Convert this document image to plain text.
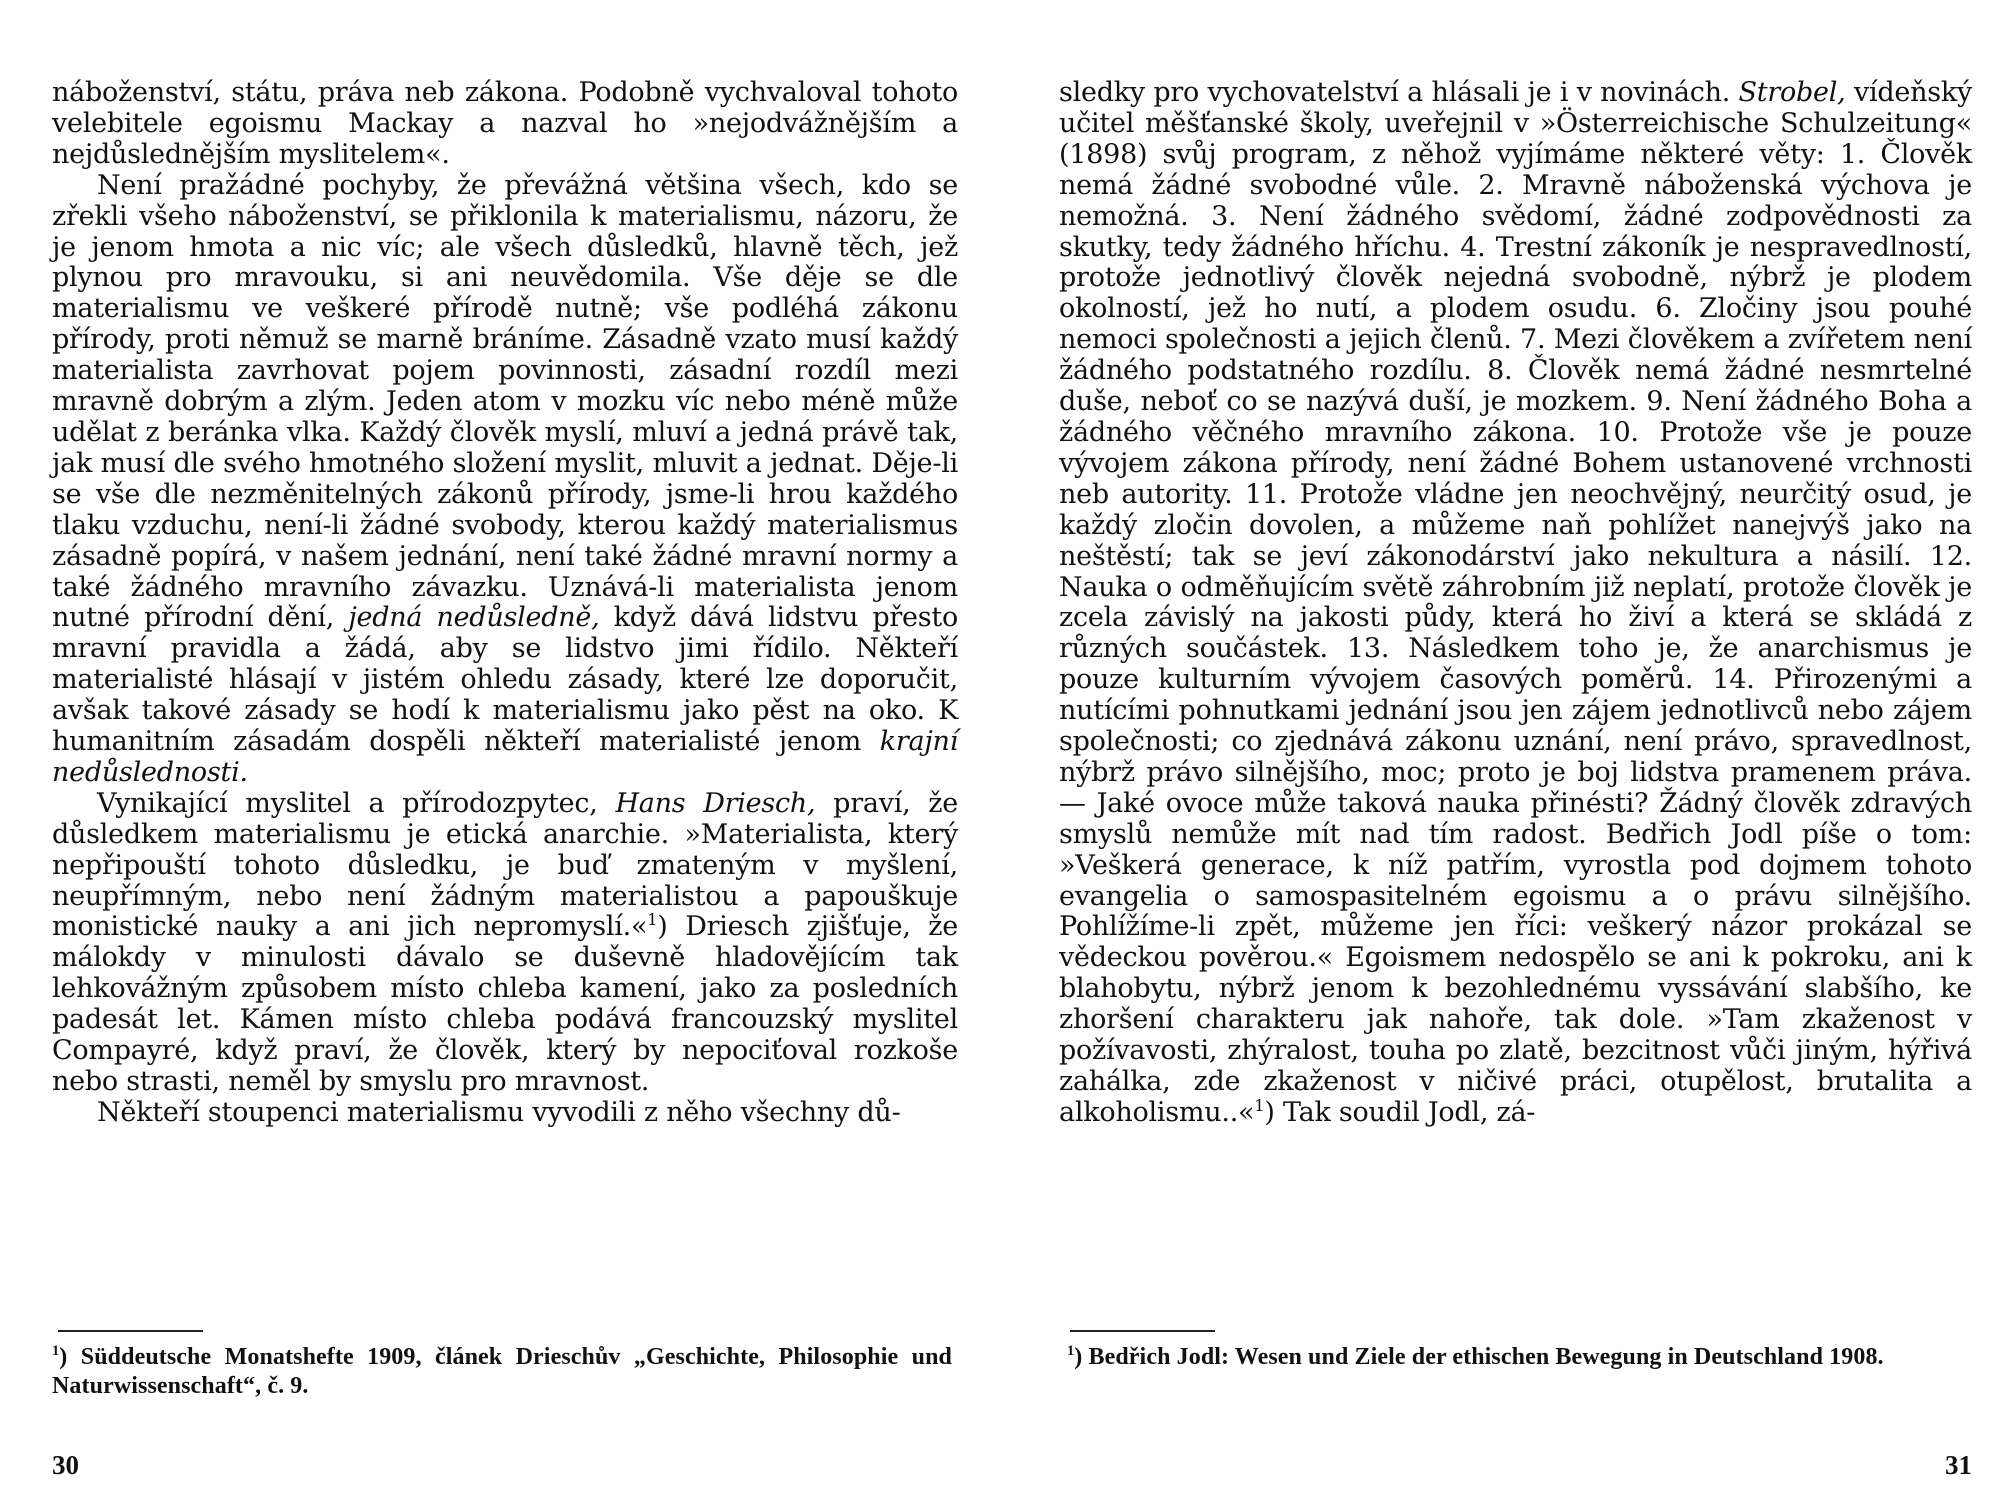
náboženství, státu, práva neb zákona. Podobně vychvaloval tohoto velebitele egoismu Mackay a nazval ho »nejodvážnějším a nejdůslednějším myslitelem«.

Není pražádné pochyby, že převážná většina všech, kdo se zřekli všeho náboženství, se přiklonila k materialismu, názoru, že je jenom hmota a nic víc; ale všech důsledků, hlavně těch, jež plynou pro mravouku, si ani neuvědomila. Vše děje se dle materialismu ve veškeré přírodě nutně; vše podléhá zákonu přírody, proti němuž se marně bráníme. Zásadně vzato musí každý materialista zavrhovat pojem povinnosti, zásadní rozdíl mezi mravně dobrým a zlým. Jeden atom v mozku víc nebo méně může udělat z beránka vlka. Každý člověk myslí, mluví a jedná právě tak, jak musí dle svého hmotného složení myslit, mluvit a jednat. Děje-li se vše dle nezměnitelných zákonů přírody, jsme-li hrou každého tlaku vzduchu, není-li žádné svobody, kterou každý materialismus zásadně popírá, v našem jednání, není také žádné mravní normy a také žádného mravního závazku. Uznává-li materialista jenom nutné přírodní dění, jedná nedůsledně, když dává lidstvu přesto mravní pravidla a žádá, aby se lidstvo jimi řídilo. Někteří materialisté hlásají v jistém ohledu zásady, které lze doporučit, avšak takové zásady se hodí k materialismu jako pěst na oko. K humanitním zásadám dospěli někteří materialisté jenom krajní nedůslednosti.

Vynikající myslitel a přírodozpytec, Hans Driesch, praví, že důsledkem materialismu je etická anarchie. »Materialista, který nepřipouští tohoto důsledku, je buď zmateným v myšlení, neupřímným, nebo není žádným materialistou a papouškuje monistické nauky a ani jich nepromyslí.«$^1$) Driesch zjišťuje, že málokdy v minulosti dávalo se duševně hladovějícím tak lehkovážným způsobem místo chleba kamení, jako za posledních padesát let. Kámen místo chleba podává francouzský myslitel Compayré, když praví, že člověk, který by nepociťoval rozkoše nebo strasti, neměl by smyslu pro mravnost.

Někteří stoupenci materialismu vyvodili z něho všechny dů-

$^1$) Süddeutsche Monatshefte 1909, článek Drieschův „Geschichte, Philosophie und Naturwissenschaft“, č. 9.
30

sledky pro vychovatelství a hlásali je i v novinách. Strobel, vídeňský učitel měšťanské školy, uveřejnil v »Österreichische Schulzeitung« (1898) svůj program, z něhož vyjímáme některé věty: 1. Člověk nemá žádné svobodné vůle. 2. Mravně náboženská výchova je nemožná. 3. Není žádného svědomí, žádné zodpovědnosti za skutky, tedy žádného hříchu. 4. Trestní zákoník je nespravedlností, protože jednotlivý člověk nejedná svobodně, nýbrž je plodem okolností, jež ho nutí, a plodem osudu. 6. Zločiny jsou pouhé nemoci společnosti a jejich členů. 7. Mezi člověkem a zvířetem není žádného podstatného rozdílu. 8. Člověk nemá žádné nesmrtelné duše, neboť co se nazývá duší, je mozkem. 9. Není žádného Boha a žádného věčného mravního zákona. 10. Protože vše je pouze vývojem zákona přírody, není žádné Bohem ustanovené vrchnosti neb autority. 11. Protože vládne jen neochvějný, neurčitý osud, je každý zločin dovolen, a můžeme naň pohlížet nanejvýš jako na neštěstí; tak se jeví zákonodárství jako nekultura a násilí. 12. Nauka o odměňujícím světě záhrobním již neplatí, protože člověk je zcela závislý na jakosti půdy, která ho živí a která se skládá z různých součástek. 13. Následkem toho je, že anarchismus je pouze kulturním vývojem časových poměrů. 14. Přirozenými a nutícími pohnutkami jednání jsou jen zájem jednotlivců nebo zájem společnosti; co zjednává zákonu uznání, není právo, spravedlnost, nýbrž právo silnějšího, moc; proto je boj lidstva pramenem práva. — Jaké ovoce může taková nauka přinésti? Žádný člověk zdravých smyslů nemůže mít nad tím radost. Bedřich Jodl píše o tom: »Veškerá generace, k níž patřím, vyrostla pod dojmem tohoto evangelia o samospasitelném egoismu a o právu silnějšího. Pohlížíme-li zpět, můžeme jen říci: veškerý názor prokázal se vědeckou pověrou.« Egoismem nedospělo se ani k pokroku, ani k blahobytu, nýbrž jenom k bezohlednému vyssávání slabšího, ke zhoršení charakteru jak nahoře, tak dole. »Tam zkaženost v požívavosti, zhýralost, touha po zlatě, bezcitnost vůči jiným, hýřivá zahálka, zde zkaženost v ničivé práci, otupělost, brutalita a alkoholismu..«$^1$) Tak soudil Jodl, zá-

$^1$) Bedřich Jodl: Wesen und Ziele der ethischen Bewegung in Deutschland 1908.
31
